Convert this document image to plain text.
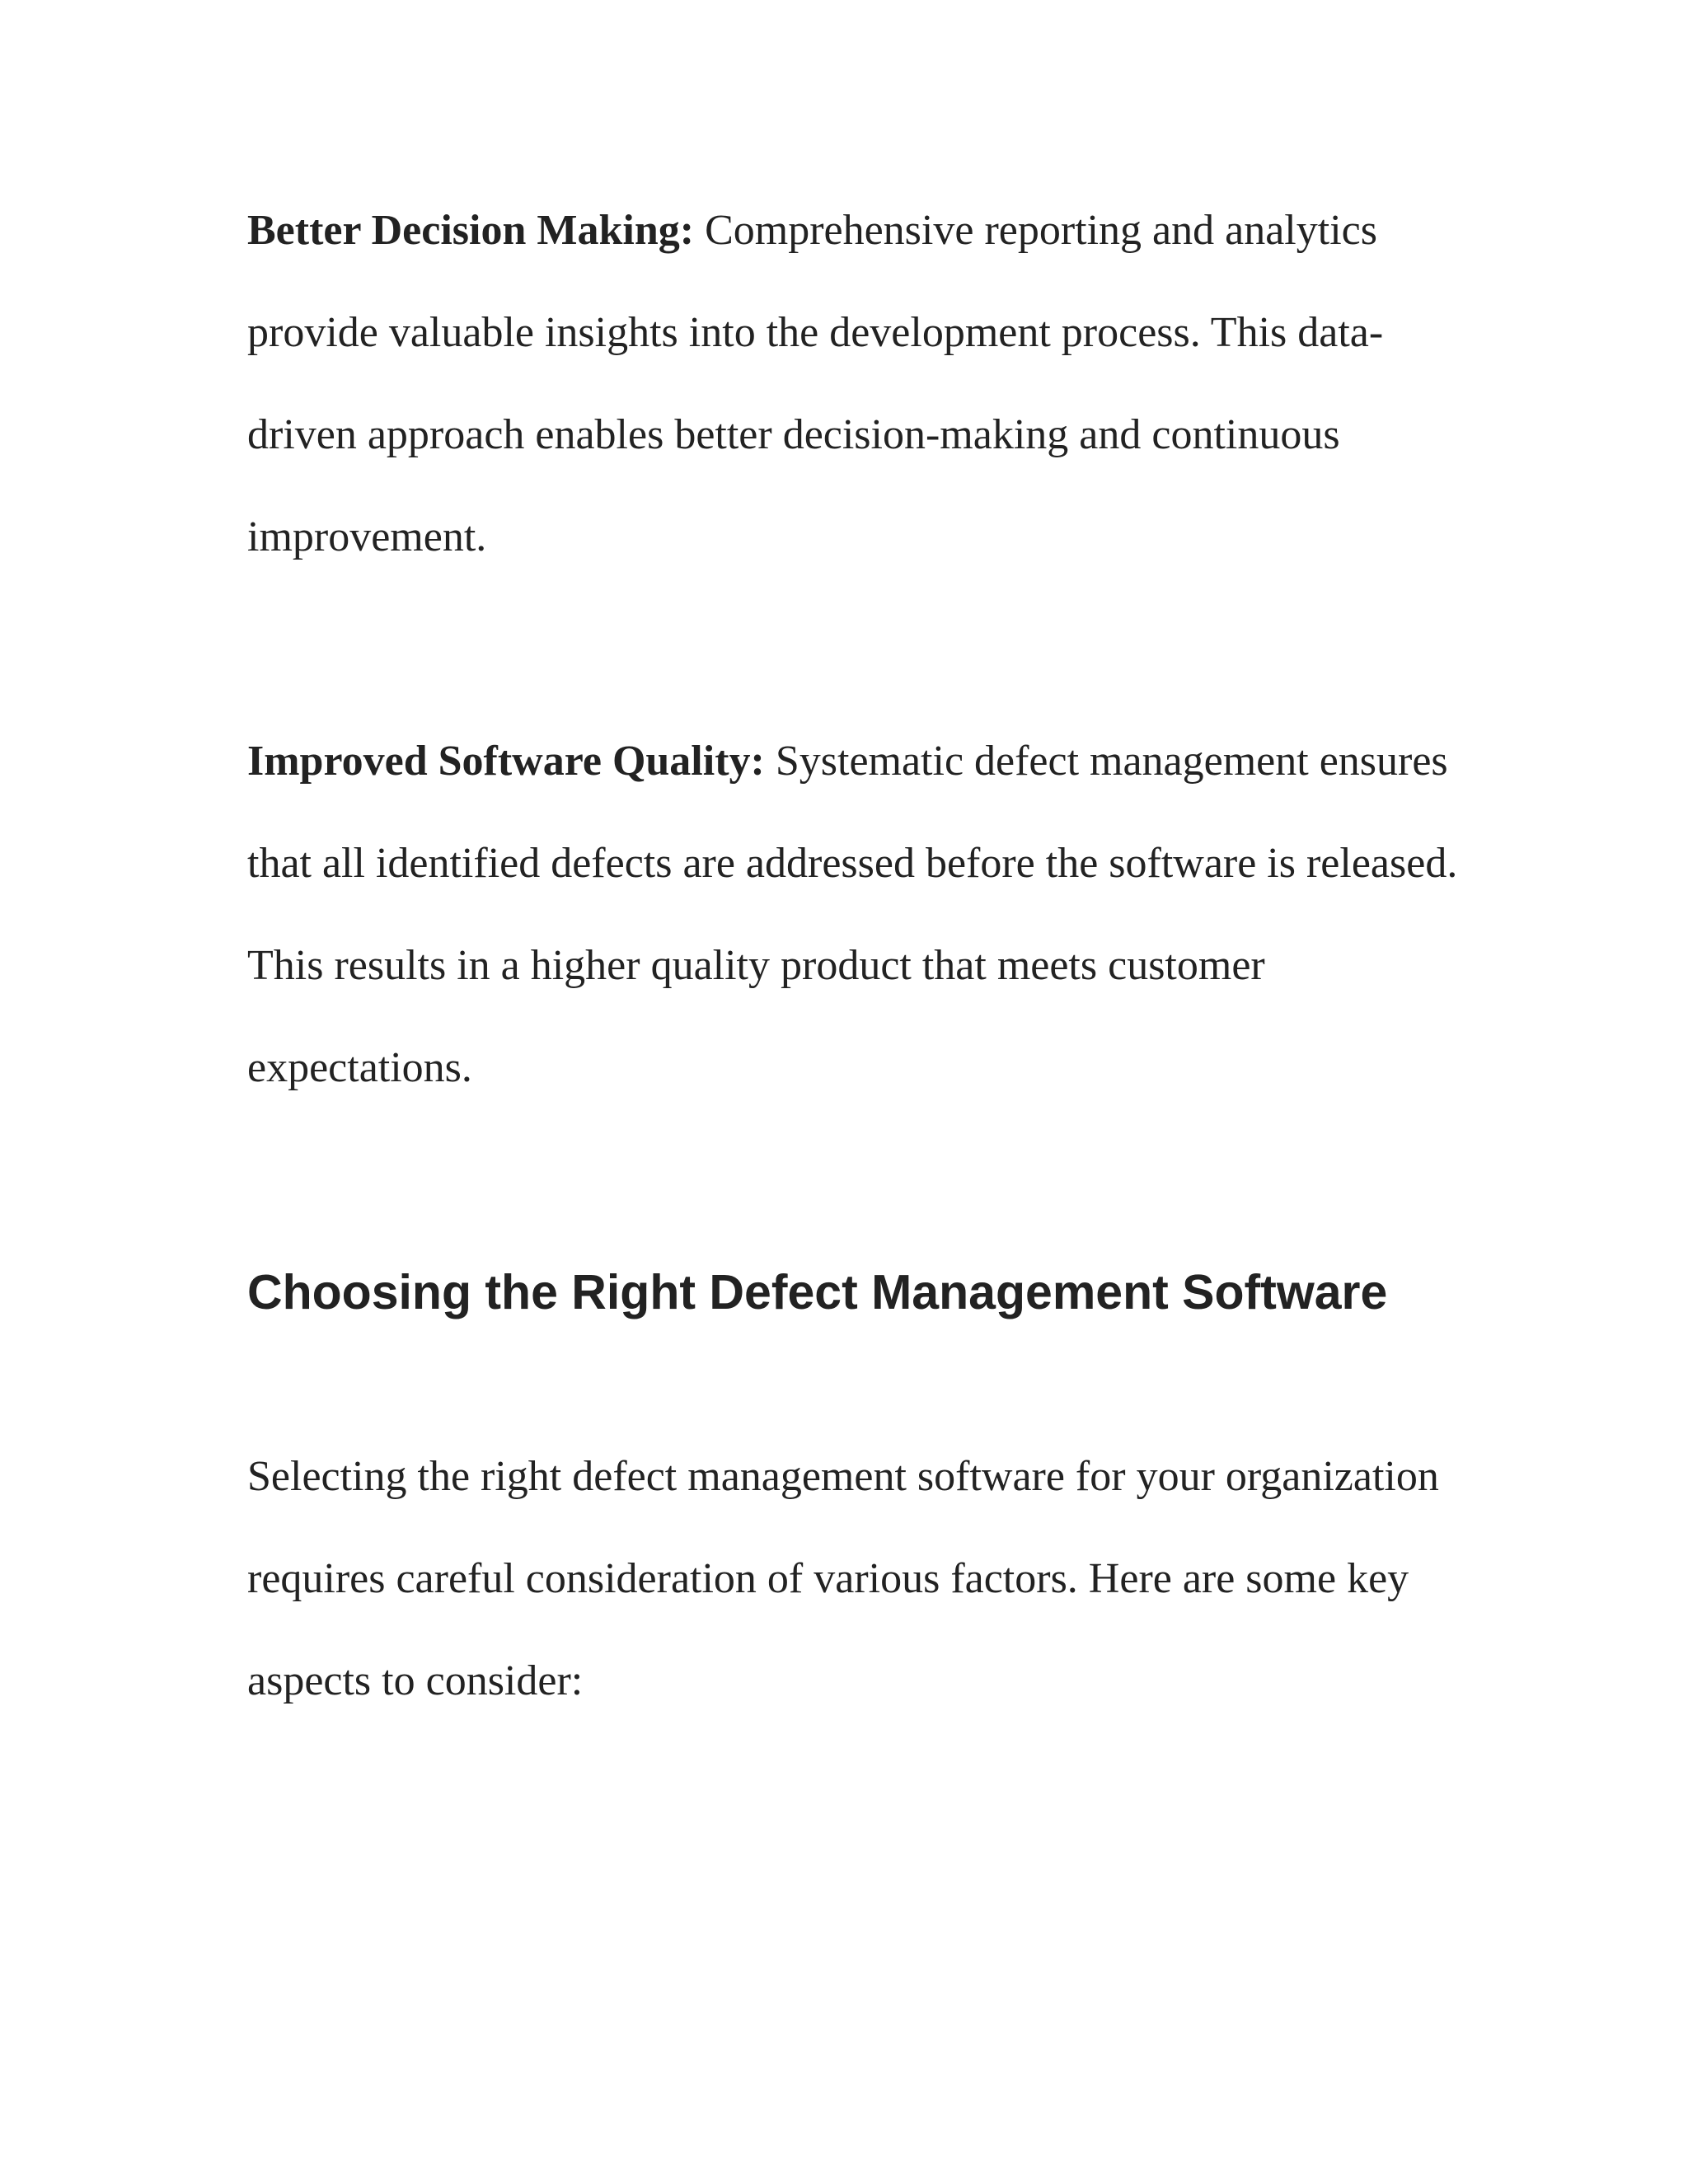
Better Decision Making: Comprehensive reporting and analytics provide valuable insights into the development process. This data-driven approach enables better decision-making and continuous improvement.

Improved Software Quality: Systematic defect management ensures that all identified defects are addressed before the software is released. This results in a higher quality product that meets customer expectations.

Choosing the Right Defect Management Software

Selecting the right defect management software for your organization requires careful consideration of various factors. Here are some key aspects to consider:
